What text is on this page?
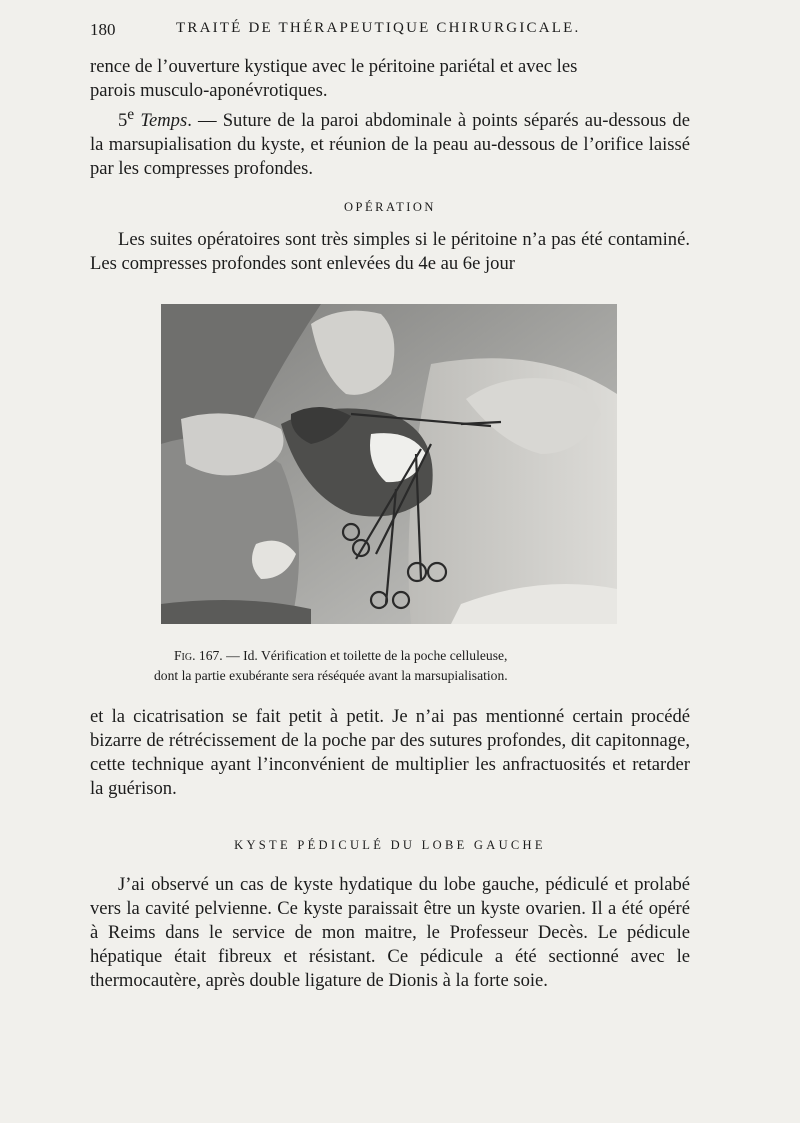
180	TRAITÉ DE THÉRAPEUTIQUE CHIRURGICALE.

rence de l’ouverture kystique avec le péritoine pariétal et avec les

parois musculo-aponévrotiques.

5e Temps. — Suture de la paroi abdominale à points séparés au-dessous de la marsupialisation du kyste, et réunion de la peau au-dessous de l’orifice laissé par les compresses profondes.

OPÉRATION

Les suites opératoires sont très simples si le péritoine n’a pas été contaminé. Les compresses profondes sont enlevées du 4e au 6e jour

Fig. 167. — Id. Vérification et toilette de la poche celluleuse,

dont la partie exubérante sera réséquée avant la marsupialisation.

et la cicatrisation se fait petit à petit. Je n’ai pas mentionné certain procédé bizarre de rétrécissement de la poche par des sutures profondes, dit capitonnage, cette technique ayant l’inconvénient de multiplier les anfractuosités et retarder la guérison.

KYSTE PÉDICULÉ DU LOBE GAUCHE

J’ai observé un cas de kyste hydatique du lobe gauche, pédiculé et prolabé vers la cavité pelvienne. Ce kyste paraissait être un kyste ovarien. Il a été opéré à Reims dans le service de mon maitre, le Professeur Decès. Le pédicule hépatique était fibreux et résistant. Ce pédicule a été sectionné avec le thermocautère, après double ligature de Dionis à la forte soie.
